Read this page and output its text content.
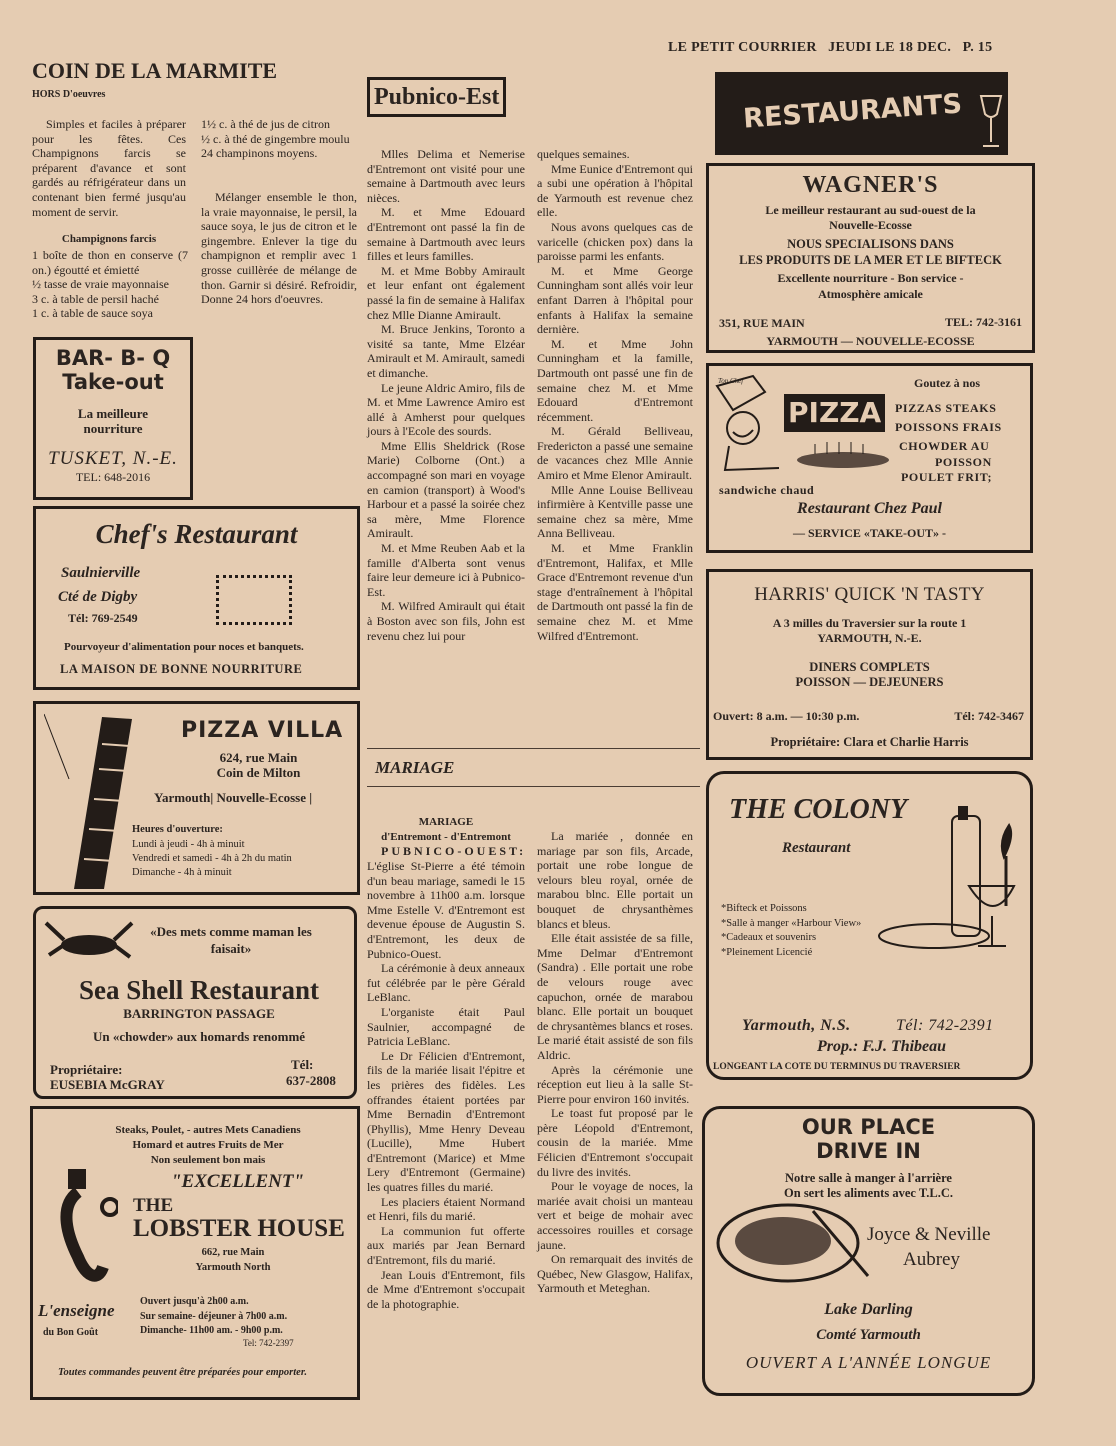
LE PETIT COURRIER JEUDI LE 18 DEC. P. 15
COIN DE LA MARMITE
HORS D'oeuvres

Simples et faciles à préparer pour les fêtes. Ces Champignons farcis se préparent d'avance et sont gardés au réfrigérateur dans un contenant bien fermé jusqu'au moment de servir.

Champignons farcis

1 boîte de thon en conserve (7 on.) égoutté et émietté

½ tasse de vraie mayonnaise

3 c. à table de persil haché

1 c. à table de sauce soya

1½ c. à thé de jus de citron

½ c. à thé de gingembre moulu

24 champinons moyens.

Mélanger ensemble le thon, la vraie mayonnaise, le persil, la sauce soya, le jus de citron et le gingembre. Enlever la tige du champignon et remplir avec 1 grosse cuillèrée de mélange de thon. Garnir si désiré. Refroidir, Donne 24 hors d'oeuvres.

BAR- B- Q
Take-out
La meilleure nourriture
TUSKET, N.-E.
TEL: 648-2016
Chef's Restaurant
Saulnierville
Cté de Digby
Tél: 769-2549
Pourvoyeur d'alimentation pour noces et banquets.
LA MAISON DE BONNE NOURRITURE
PIZZA VILLA
624, rue Main
Coin de Milton
Yarmouth| Nouvelle-Ecosse |
Heures d'ouverture:
Lundi à jeudi - 4h à minuit
Vendredi et samedi - 4h à 2h du matin
Dimanche - 4h à minuit
«Des mets comme maman les faisait»
Sea Shell Restaurant
BARRINGTON PASSAGE
Un «chowder» aux homards renommé
Propriétaire:
EUSEBIA McGRAY
Tél:
637-2808
Steaks, Poulet, - autres Mets Canadiens
Homard et autres Fruits de Mer
Non seulement bon mais
"EXCELLENT"
THE
LOBSTER HOUSE
662, rue Main
Yarmouth North
L'enseigne
du Bon Goût
Ouvert jusqu'à 2h00 a.m.
Sur semaine- déjeuner à 7h00 a.m.
Dimanche- 11h00 am. - 9h00 p.m.
Tel: 742-2397
Toutes commandes peuvent être préparées pour emporter.
Pubnico-Est

Mlles Delima et Nemerise d'Entremont ont visité pour une semaine à Dartmouth avec leurs nièces.

M. et Mme Edouard d'Entremont ont passé la fin de semaine à Dartmouth avec leurs filles et leurs familles.

M. et Mme Bobby Amirault et leur enfant ont également passé la fin de semaine à Halifax chez Mlle Dianne Amirault.

M. Bruce Jenkins, Toronto a visité sa tante, Mme Elzéar Amirault et M. Amirault, samedi et dimanche.

Le jeune Aldric Amiro, fils de M. et Mme Lawrence Amiro est allé à Amherst pour quelques jours à l'Ecole des sourds.

Mme Ellis Sheldrick (Rose Marie) Colborne (Ont.) a accompagné son mari en voyage en camion (transport) à Wood's Harbour et a passé la soirée chez sa mère, Mme Florence Amirault.

M. et Mme Reuben Aab et la famille d'Alberta sont venus faire leur demeure ici à Pubnico-Est.

M. Wilfred Amirault qui était à Boston avec son fils, John est revenu chez lui pour

quelques semaines.

Mme Eunice d'Entremont qui a subi une opération à l'hôpital de Yarmouth est revenue chez elle.

Nous avons quelques cas de varicelle (chicken pox) dans la paroisse parmi les enfants.

M. et Mme George Cunningham sont allés voir leur enfant Darren à l'hôpital pour enfants à Halifax la semaine dernière.

M. et Mme John Cunningham et la famille, Dartmouth ont passé une fin de semaine chez M. et Mme Edouard d'Entremont récemment.

M. Gérald Belliveau, Fredericton a passé une semaine de vacances chez Mlle Annie Amiro et Mme Elenor Amirault.

Mlle Anne Louise Belliveau infirmière à Kentville passe une semaine chez sa mère, Mme Anna Belliveau.

M. et Mme Franklin d'Entremont, Halifax, et Mlle Grace d'Entremont revenue d'un stage d'entraînement à l'hôpital de Dartmouth ont passé la fin de semaine chez M. et Mme Wilfred d'Entremont.

MARIAGE
MARIAGE
d'Entremont - d'Entremont
PUBNICO-OUEST:

L'église St-Pierre a été témoin d'un beau mariage, samedi le 15 novembre à 11h00 a.m. lorsque Mme Estelle V. d'Entremont est devenue épouse de Augustin S. d'Entremont, les deux de Pubnico-Ouest.

La cérémonie à deux anneaux fut célébrée par le père Gérald LeBlanc.

L'organiste était Paul Saulnier, accompagné de Patricia LeBlanc.

Le Dr Félicien d'Entremont, fils de la mariée lisait l'épitre et les prières des fidèles. Les offrandes étaient portées par Mme Bernadin d'Entremont (Phyllis), Mme Henry Deveau (Lucille), Mme Hubert d'Entremont (Marice) et Mme Lery d'Entremont (Germaine) les quatres filles du marié.

Les placiers étaient Normand et Henri, fils du marié.

La communion fut offerte aux mariés par Jean Bernard d'Entremont, fils du marié.

Jean Louis d'Entremont, fils de Mme d'Entremont s'occupait de la photographie.

La mariée , donnée en mariage par son fils, Arcade, portait une robe longue de velours bleu royal, ornée de marabou blnc. Elle portait un bouquet de chrysanthèmes blancs et bleus.

Elle était assistée de sa fille, Mme Delmar d'Entremont (Sandra) . Elle portait une robe de velours rouge avec capuchon, ornée de marabou blanc. Elle portait un bouquet de chrysantèmes blancs et roses. Le marié était assisté de son fils Aldric.

Après la cérémonie une réception eut lieu à la salle St-Pierre pour environ 160 invités.

Le toast fut proposé par le père Léopold d'Entremont, cousin de la mariée. Mme Félicien d'Entremont s'occupait du livre des invités.

Pour le voyage de noces, la mariée avait choisi un manteau vert et beige de mohair avec accessoires rouilles et corsage jaune.

On remarquait des invités de Québec, New Glasgow, Halifax, Yarmouth et Meteghan.

RESTAURANTS
WAGNER'S
Le meilleur restaurant au sud-ouest de la
Nouvelle-Ecosse
NOUS SPECIALISONS DANS
LES PRODUITS DE LA MER ET LE BIFTECK
Excellente nourriture - Bon service -
Atmosphère amicale
351, RUE MAIN	TEL: 742-3161
YARMOUTH — NOUVELLE-ECOSSE
Ton Chef
PIZZA
Goutez à nos
PIZZAS STEAKS
POISSONS FRAIS
CHOWDER AU
POISSON
POULET FRIT;
sandwiche chaud
Restaurant Chez Paul
— SERVICE «TAKE-OUT» -
HARRIS' QUICK 'N TASTY
A 3 milles du Traversier sur la route 1
YARMOUTH, N.-E.
DINERS COMPLETS
POISSON — DEJEUNERS
Ouvert: 8 a.m. — 10:30 p.m.	Tél: 742-3467
Propriétaire: Clara et Charlie Harris
THE COLONY
Restaurant
*Bifteck et Poissons
*Salle à manger «Harbour View»
*Cadeaux et souvenirs
*Pleinement Licencié
Yarmouth, N.S.	Tél: 742-2391
Prop.: F.J. Thibeau
LONGEANT LA COTE DU TERMINUS DU TRAVERSIER
OUR PLACE
DRIVE IN
Notre salle à manger à l'arrière
On sert les aliments avec T.L.C.
Joyce & Neville
Aubrey
Lake Darling
Comté Yarmouth
OUVERT A L'ANNÉE LONGUE
